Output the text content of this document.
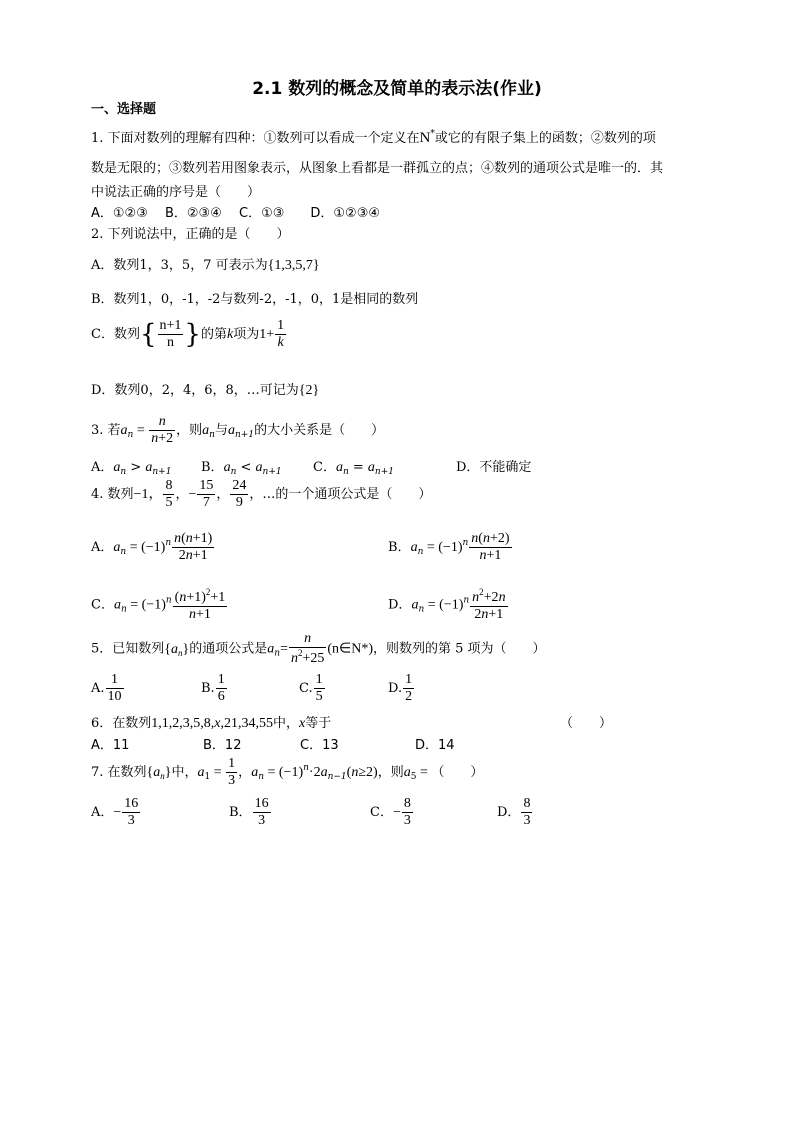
2.1 数列的概念及简单的表示法(作业)
一、选择题
1. 下面对数列的理解有四种：①数列可以看成一个定义在N*或它的有限子集上的函数；②数列的项
数是无限的；③数列若用图象表示，从图象上看都是一群孤立的点；④数列的通项公式是唯一的．其
中说法正确的序号是（　　）
A．①②③　 B．②③④　 C．①③　　D．①②③④
2. 下列说法中，正确的是（　　）
A．数列1，3，5，7 可表示为{1,3,5,7}
B．数列1，0，-1，-2与数列-2，-1，0，1是相同的数列
C．数列{ $\frac{n+1}{n}$ }的第k项为$1+ \frac{1}{k}$
D．数列0，2，4，6，8，…可记为{2}
3. 若$a_n = \frac{n}{n+2}$ ，则$a_n$与$a_{n+1}$的大小关系是（　　）
A．$a_n > a_{n+1}$ B．$a_n < a_{n+1}$ C．$a_n = a_{n+1}$	D．不能确定
4. 数列−1， $\frac{8}{5}$ ，− $\frac{15}{7}$ ， $\frac{24}{9}$ ，…的一个通项公式是（　　）
A．$a_n = (-1)^n \frac{n(n+1)}{2n+1}$	B．$a_n = (-1)^n \frac{n(n+2)}{n+1}$
C．$a_n = (-1)^n \frac{(n+1)^2+1}{n+1}$	D．$a_n = (-1)^n \frac{n^2+2n}{2n+1}$
5．已知数列$\{a_n\}$的通项公式是$a_n= \frac{n}{n^2+25}$ (n∈N*)，则数列的第 5 项为（　　）
A. $\frac{1}{10}$	B. $\frac{1}{6}$	C. $\frac{1}{5}$	D. $\frac{1}{2}$
6．在数列1,1,2,3,5,8,x,21,34,55中，x等于	（　　）
A．11	B．12	C．13	D．14
7. 在数列$\{a_n\}$中，$a_1 = \frac{1}{3}$ ，$a_n = (-1)^n\cdot 2a_{n-1}(n\ge 2)$，则$a_5$ = （　　）
A．− $\frac{16}{3}$	B． $\frac{16}{3}$	C．− $\frac{8}{3}$	D． $\frac{8}{3}$
